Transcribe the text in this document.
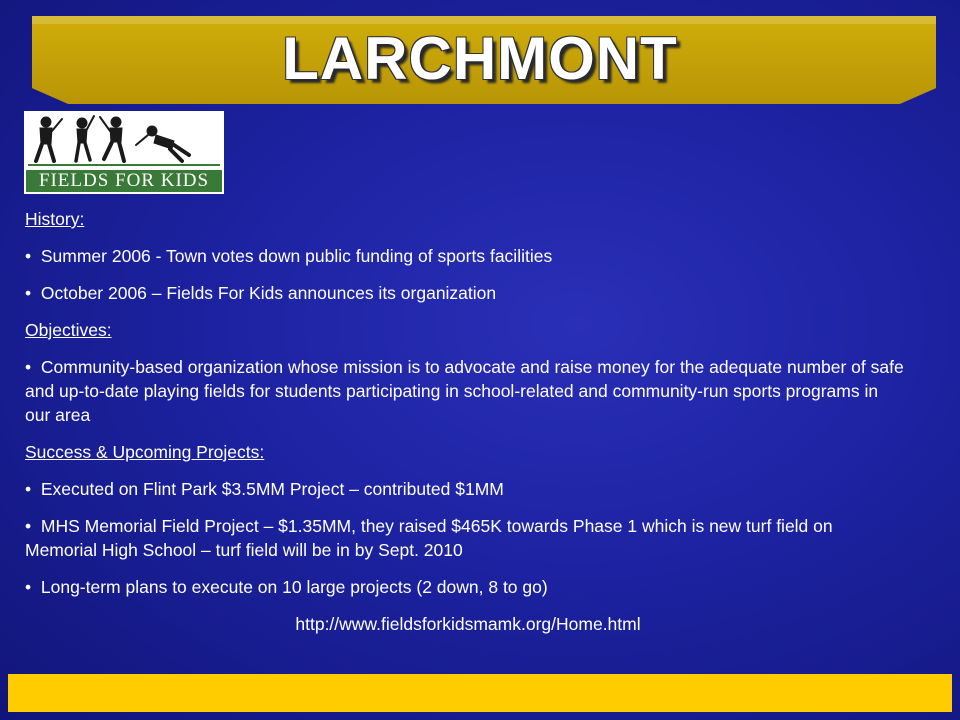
LARCHMONT
FIELDS FOR KIDS

History:

• Summer 2006 - Town votes down public funding of sports facilities

• October 2006 – Fields For Kids announces its organization

Objectives:

• Community-based organization whose mission is to advocate and raise money for the adequate number of safe and up-to-date playing fields for students participating in school-related and community-run sports programs in our area

Success & Upcoming Projects:

• Executed on Flint Park $3.5MM Project – contributed $1MM

• MHS Memorial Field Project – $1.35MM, they raised $465K towards Phase 1 which is new turf field on Memorial High School – turf field will be in by Sept. 2010

• Long-term plans to execute on 10 large projects (2 down, 8 to go)

http://www.fieldsforkidsmamk.org/Home.html
